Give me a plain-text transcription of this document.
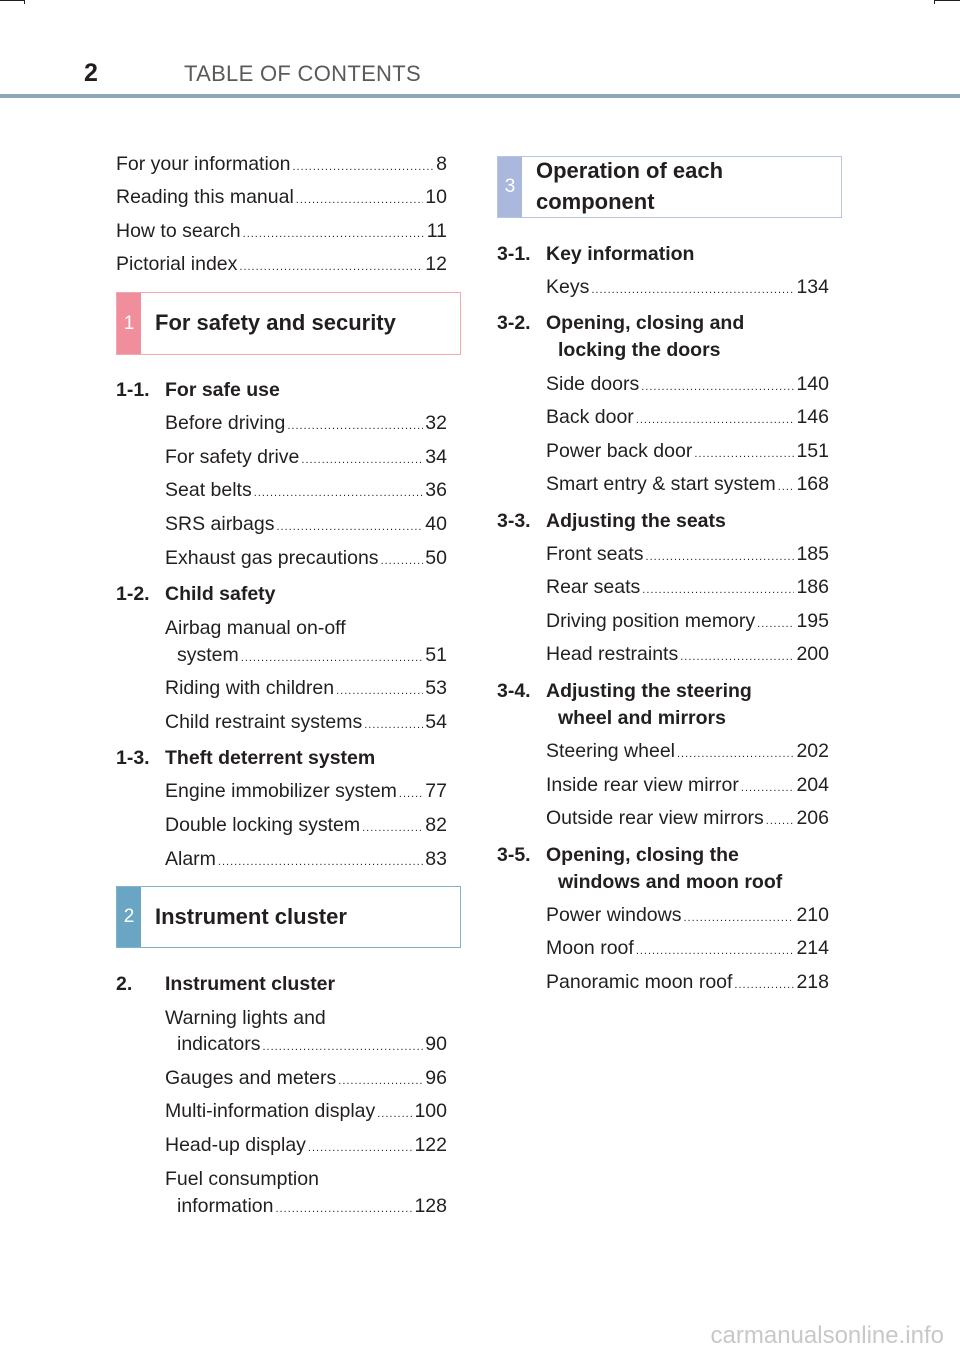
2	TABLE OF CONTENTS
For your information .....	8
Reading this manual .....	10
How to search .....	11
Pictorial index .....	12
1 For safety and security
1-1. For safe use
Before driving .....	32
For safety drive .....	34
Seat belts .....	36
SRS airbags .....	40
Exhaust gas precautions ..... 50
1-2. Child safety
Airbag manual on-off
system .....	51
Riding with children .....	53
Child restraint systems .....	54
1-3. Theft deterrent system
Engine immobilizer system ..... 77
Double locking system .....	82
Alarm .....	83
2 Instrument cluster
2. Instrument cluster
Warning lights and
indicators .....	90
Gauges and meters .....	96
Multi-information display ..... 100
Head-up display .....	122
Fuel consumption
information .....	128
3
Operation of each
component
3-1. Key information
Keys .....	134
3-2. Opening, closing and
locking the doors
Side doors .....	140
Back door .....	146
Power back door .....	151
Smart entry & start system ..... 168
3-3. Adjusting the seats
Front seats .....	185
Rear seats .....	186
Driving position memory ..... 195
Head restraints .....	200
3-4. Adjusting the steering
wheel and mirrors
Steering wheel .....	202
Inside rear view mirror .....	204
Outside rear view mirrors ..... 206
3-5. Opening, closing the
windows and moon roof
Power windows .....	210
Moon roof .....	214
Panoramic moon roof .....	218
carmanualsonline.info
